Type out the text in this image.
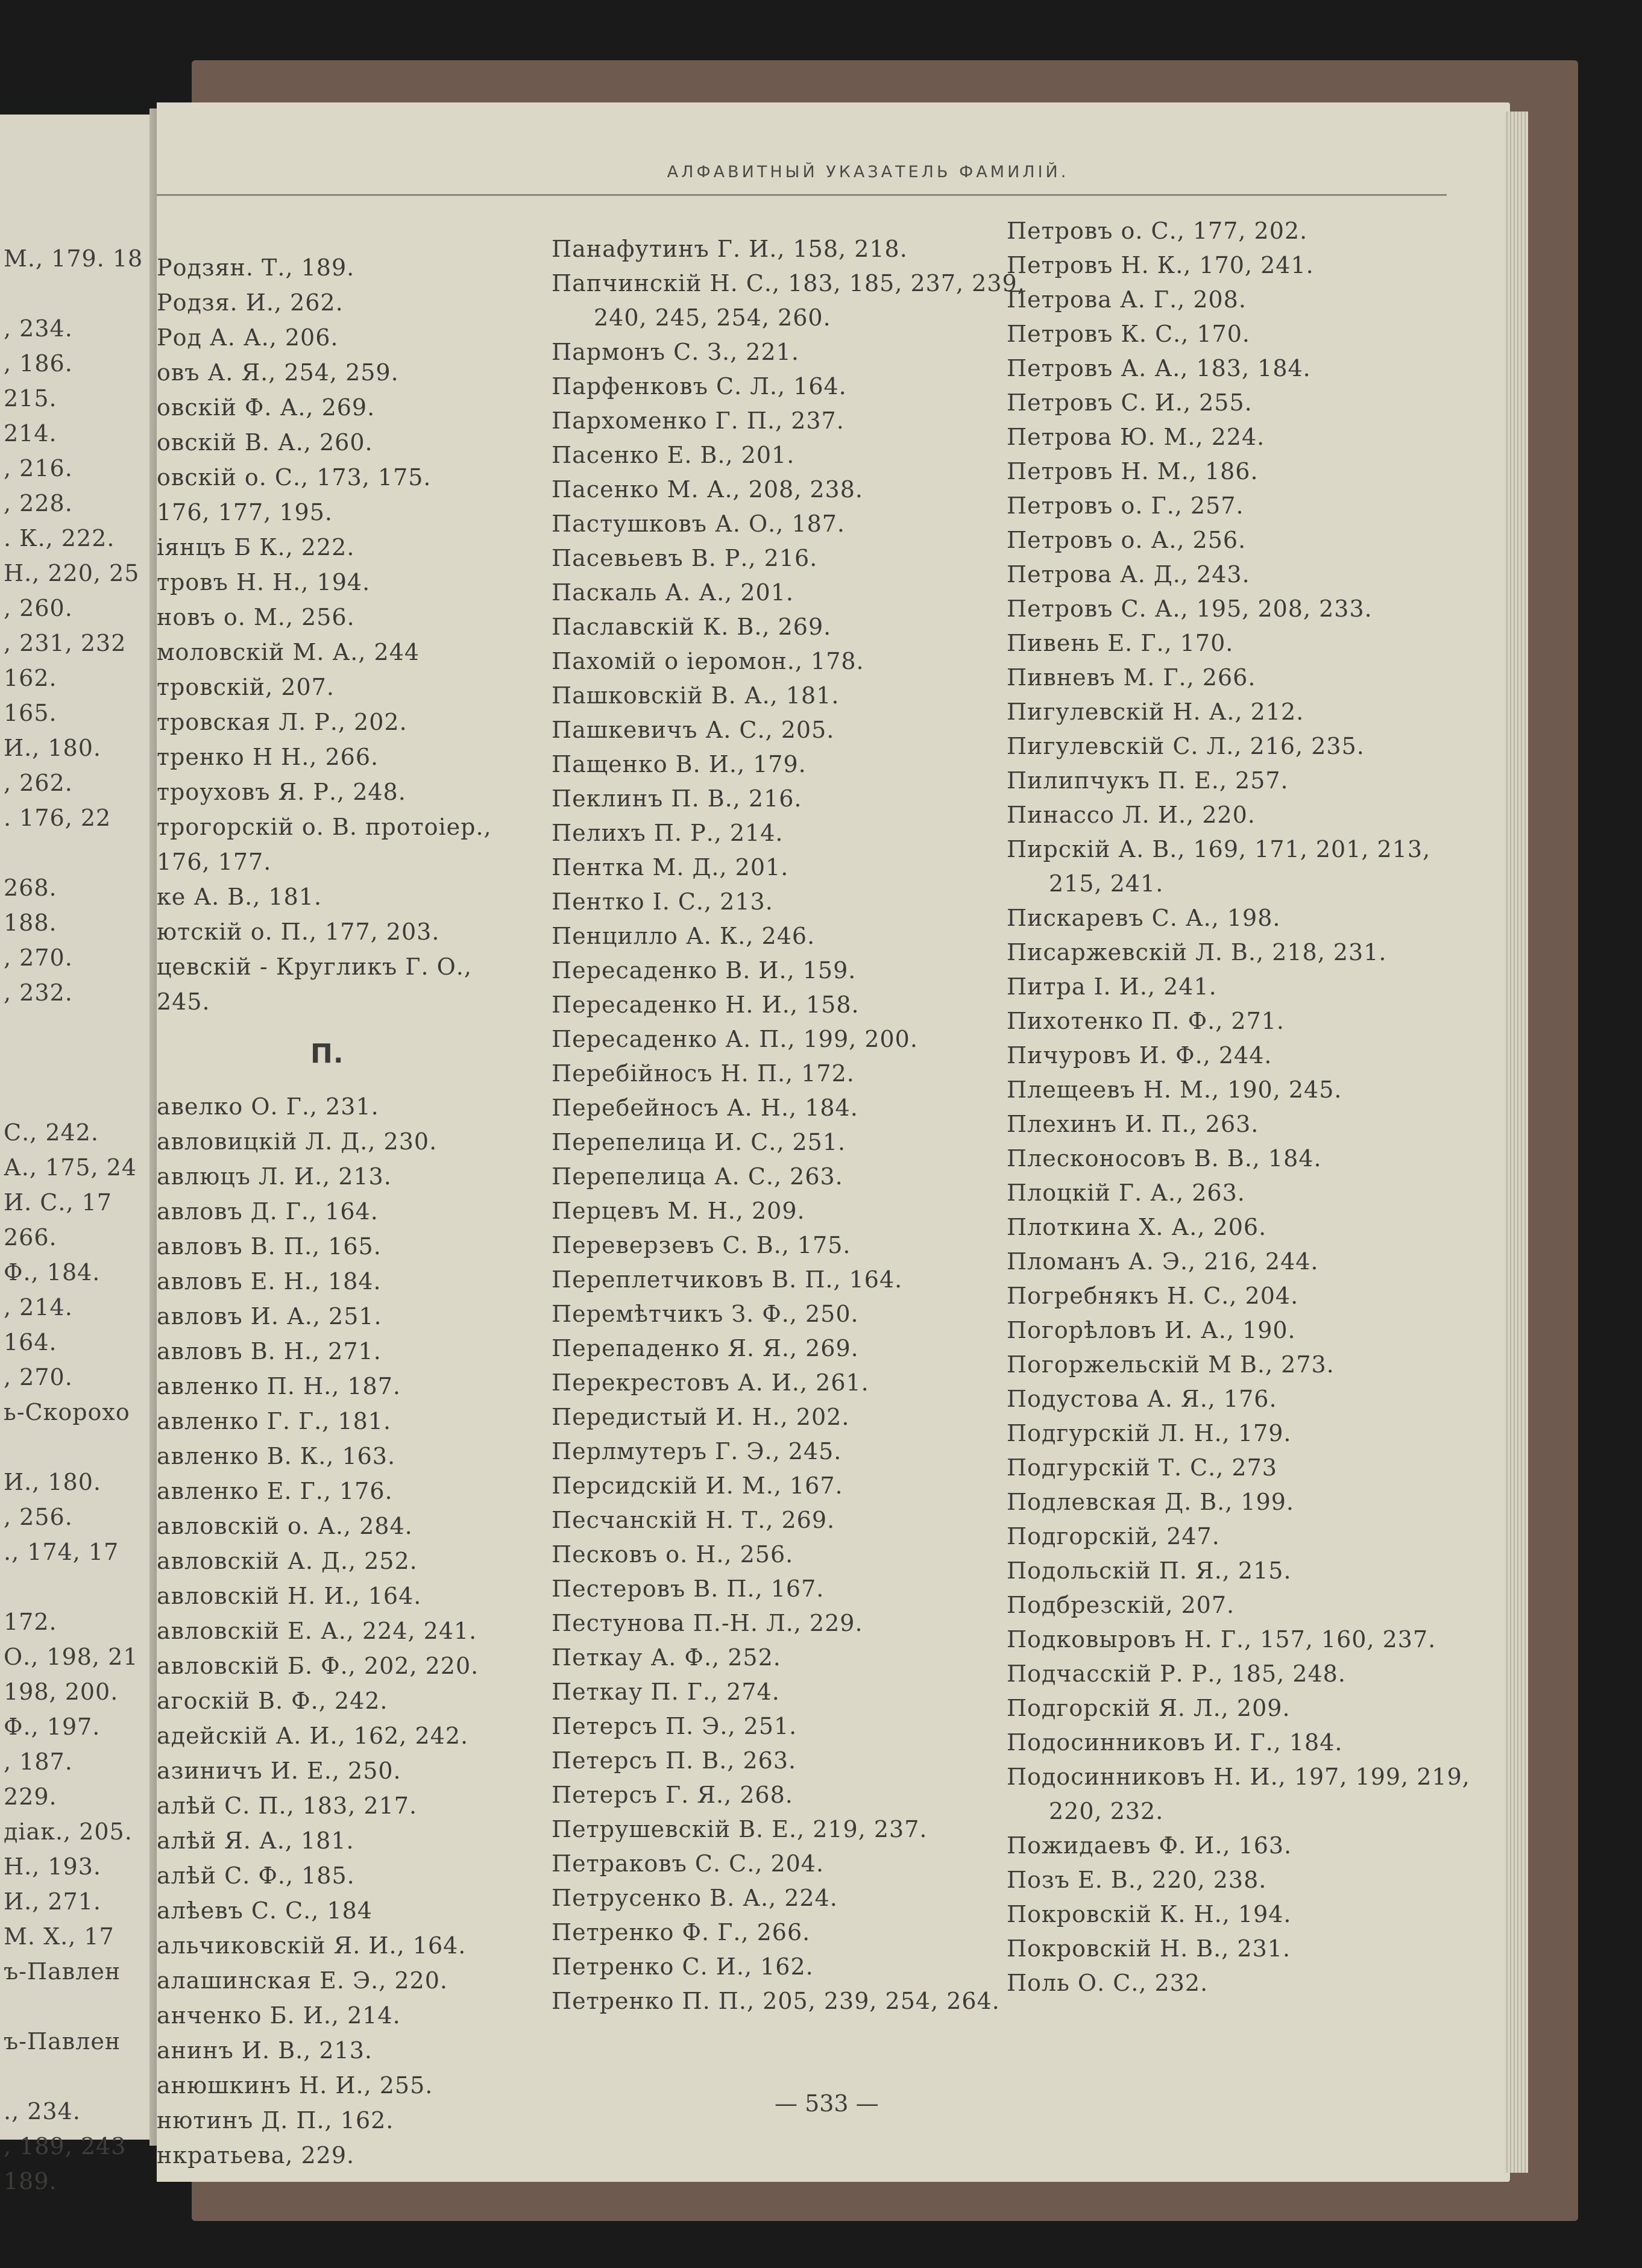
М., 179. 18
, 234.
, 186.
215.
214.
, 216.
, 228.
. К., 222.
Н., 220, 25
, 260.
, 231, 232
162.
165.
И., 180.
, 262.
. 176, 22
268.
188.
, 270.
, 232.
С., 242.
А., 175, 24
И. С., 17
266.
Ф., 184.
, 214.
164.
, 270.
ь-Скорохо
И., 180.
, 256.
., 174, 17
172.
О., 198, 21
198, 200.
Ф., 197.
, 187.
229.
діак., 205.
Н., 193.
И., 271.
М. Х., 17
ъ-Павлен
ъ-Павлен
., 234.
, 189, 243
189.
АЛФАВИТНЫЙ УКАЗАТЕЛЬ ФАМИЛІЙ.
Родзян. Т., 189.
Родзя. И., 262.
Род А. А., 206.
овъ А. Я., 254, 259.
овскій Ф. А., 269.
овскій В. А., 260.
овскій о. С., 173, 175.
176, 177, 195.
іянцъ Б К., 222.
тровъ Н. Н., 194.
новъ о. М., 256.
моловскій М. А., 244
тровскій, 207.
тровская Л. Р., 202.
тренко Н Н., 266.
троуховъ Я. Р., 248.
трогорскій о. В. протоіер.,
176, 177.
ке А. В., 181.
ютскій о. П., 177, 203.
цевскій - Кругликъ Г. О.,
245.
П.
авелко О. Г., 231.
авловицкій Л. Д., 230.
авлюцъ Л. И., 213.
авловъ Д. Г., 164.
авловъ В. П., 165.
авловъ Е. Н., 184.
авловъ И. А., 251.
авловъ В. Н., 271.
авленко П. Н., 187.
авленко Г. Г., 181.
авленко В. К., 163.
авленко Е. Г., 176.
авловскій о. А., 284.
авловскій А. Д., 252.
авловскій Н. И., 164.
авловскій Е. А., 224, 241.
авловскій Б. Ф., 202, 220.
агоскій В. Ф., 242.
адейскій А. И., 162, 242.
азиничъ И. Е., 250.
алѣй С. П., 183, 217.
алѣй Я. А., 181.
алѣй С. Ф., 185.
алѣевъ С. С., 184
альчиковскій Я. И., 164.
алашинская Е. Э., 220.
анченко Б. И., 214.
анинъ И. В., 213.
анюшкинъ Н. И., 255.
нютинъ Д. П., 162.
нкратьева, 229.
Панафутинъ Г. И., 158, 218.
Папчинскій Н. С., 183, 185, 237, 239, 240, 245, 254, 260.
Пармонъ С. З., 221.
Парфенковъ С. Л., 164.
Пархоменко Г. П., 237.
Пасенко Е. В., 201.
Пасенко М. А., 208, 238.
Пастушковъ А. О., 187.
Пасевьевъ В. Р., 216.
Паскаль А. А., 201.
Паславскій К. В., 269.
Пахомій о іеромон., 178.
Пашковскій В. А., 181.
Пашкевичъ А. С., 205.
Пащенко В. И., 179.
Пеклинъ П. В., 216.
Пелихъ П. Р., 214.
Пентка М. Д., 201.
Пентко І. С., 213.
Пенцилло А. К., 246.
Пересаденко В. И., 159.
Пересаденко Н. И., 158.
Пересаденко А. П., 199, 200.
Перебійносъ Н. П., 172.
Перебейносъ А. Н., 184.
Перепелица И. С., 251.
Перепелица А. С., 263.
Перцевъ М. Н., 209.
Переверзевъ С. В., 175.
Переплетчиковъ В. П., 164.
Перемѣтчикъ З. Ф., 250.
Перепаденко Я. Я., 269.
Перекрестовъ А. И., 261.
Передистый И. Н., 202.
Перлмутеръ Г. Э., 245.
Персидскій И. М., 167.
Песчанскій Н. Т., 269.
Песковъ о. Н., 256.
Пестеровъ В. П., 167.
Пестунова П.-Н. Л., 229.
Петкау А. Ф., 252.
Петкау П. Г., 274.
Петерсъ П. Э., 251.
Петерсъ П. В., 263.
Петерсъ Г. Я., 268.
Петрушевскій В. Е., 219, 237.
Петраковъ С. С., 204.
Петрусенко В. А., 224.
Петренко Ф. Г., 266.
Петренко С. И., 162.
Петренко П. П., 205, 239, 254, 264.
Петровъ о. С., 177, 202.
Петровъ Н. К., 170, 241.
Петрова А. Г., 208.
Петровъ К. С., 170.
Петровъ А. А., 183, 184.
Петровъ С. И., 255.
Петрова Ю. М., 224.
Петровъ Н. М., 186.
Петровъ о. Г., 257.
Петровъ о. А., 256.
Петрова А. Д., 243.
Петровъ С. А., 195, 208, 233.
Пивень Е. Г., 170.
Пивневъ М. Г., 266.
Пигулевскій Н. А., 212.
Пигулевскій С. Л., 216, 235.
Пилипчукъ П. Е., 257.
Пинассо Л. И., 220.
Пирскій А. В., 169, 171, 201, 213, 215, 241.
Пискаревъ С. А., 198.
Писаржевскій Л. В., 218, 231.
Питра І. И., 241.
Пихотенко П. Ф., 271.
Пичуровъ И. Ф., 244.
Плещеевъ Н. М., 190, 245.
Плехинъ И. П., 263.
Плесконосовъ В. В., 184.
Плоцкій Г. А., 263.
Плоткина Х. А., 206.
Пломанъ А. Э., 216, 244.
Погребнякъ Н. С., 204.
Погорѣловъ И. А., 190.
Погоржельскій М В., 273.
Подустова А. Я., 176.
Подгурскій Л. Н., 179.
Подгурскій Т. С., 273
Подлевская Д. В., 199.
Подгорскій, 247.
Подольскій П. Я., 215.
Подбрезскій, 207.
Подковыровъ Н. Г., 157, 160, 237.
Подчасскій Р. Р., 185, 248.
Подгорскій Я. Л., 209.
Подосинниковъ И. Г., 184.
Подосинниковъ Н. И., 197, 199, 219, 220, 232.
Пожидаевъ Ф. И., 163.
Позъ Е. В., 220, 238.
Покровскій К. Н., 194.
Покровскій Н. В., 231.
Поль О. С., 232.
— 533 —
